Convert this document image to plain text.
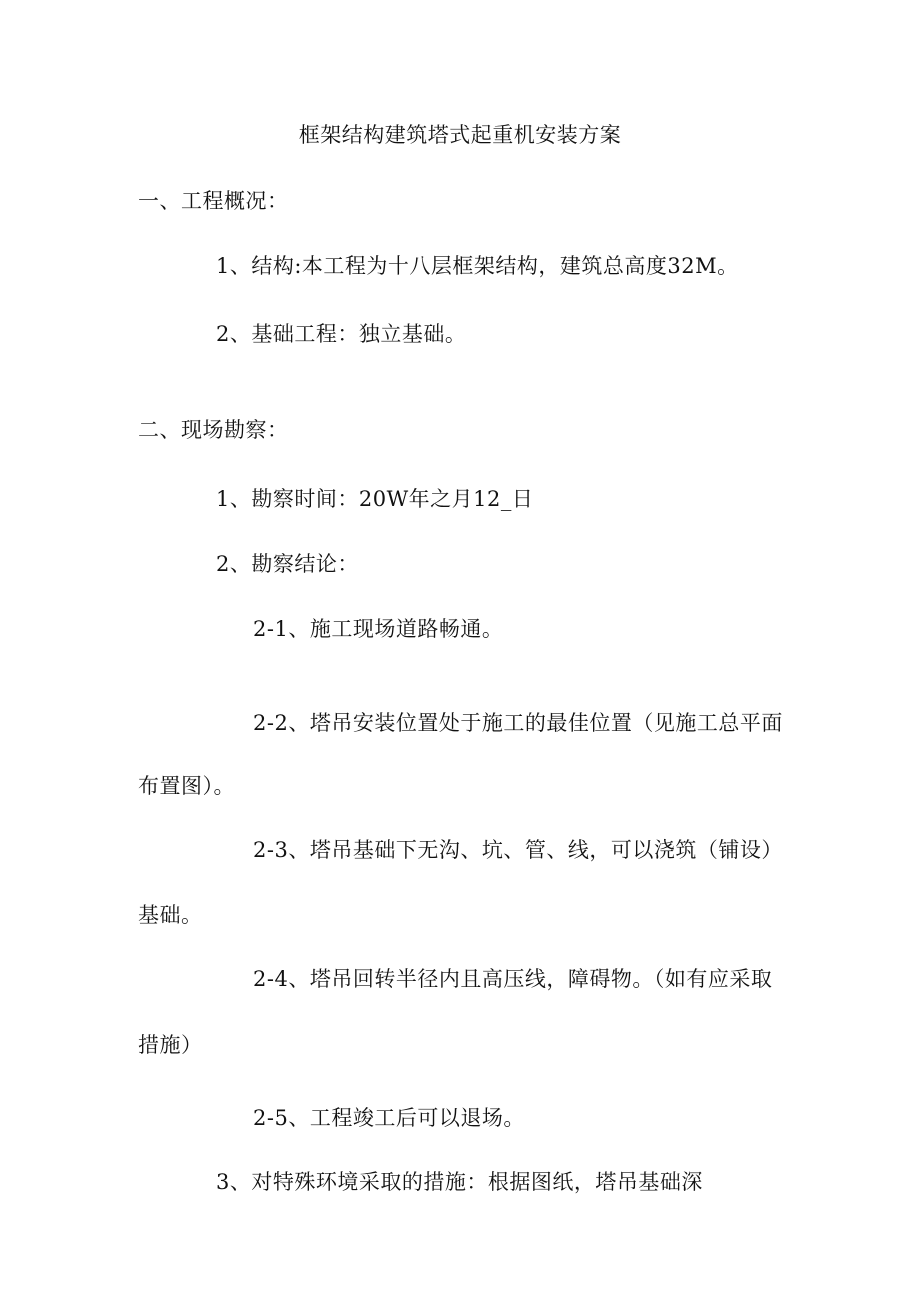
框架结构建筑塔式起重机安装方案
一、工程概况：
1、结构:本工程为十八层框架结构，建筑总高度32M。
2、基础工程：独立基础。
二、现场勘察：
1、勘察时间：20W年之月12_日
2、勘察结论：
2-1、施工现场道路畅通。
2-2、塔吊安装位置处于施工的最佳位置（见施工总平面
布置图）。
2-3、塔吊基础下无沟、坑、管、线，可以浇筑（铺设）
基础。
2-4、塔吊回转半径内且高压线，障碍物。（如有应采取
措施）
2-5、工程竣工后可以退场。
3、对特殊环境采取的措施：根据图纸，塔吊基础深
